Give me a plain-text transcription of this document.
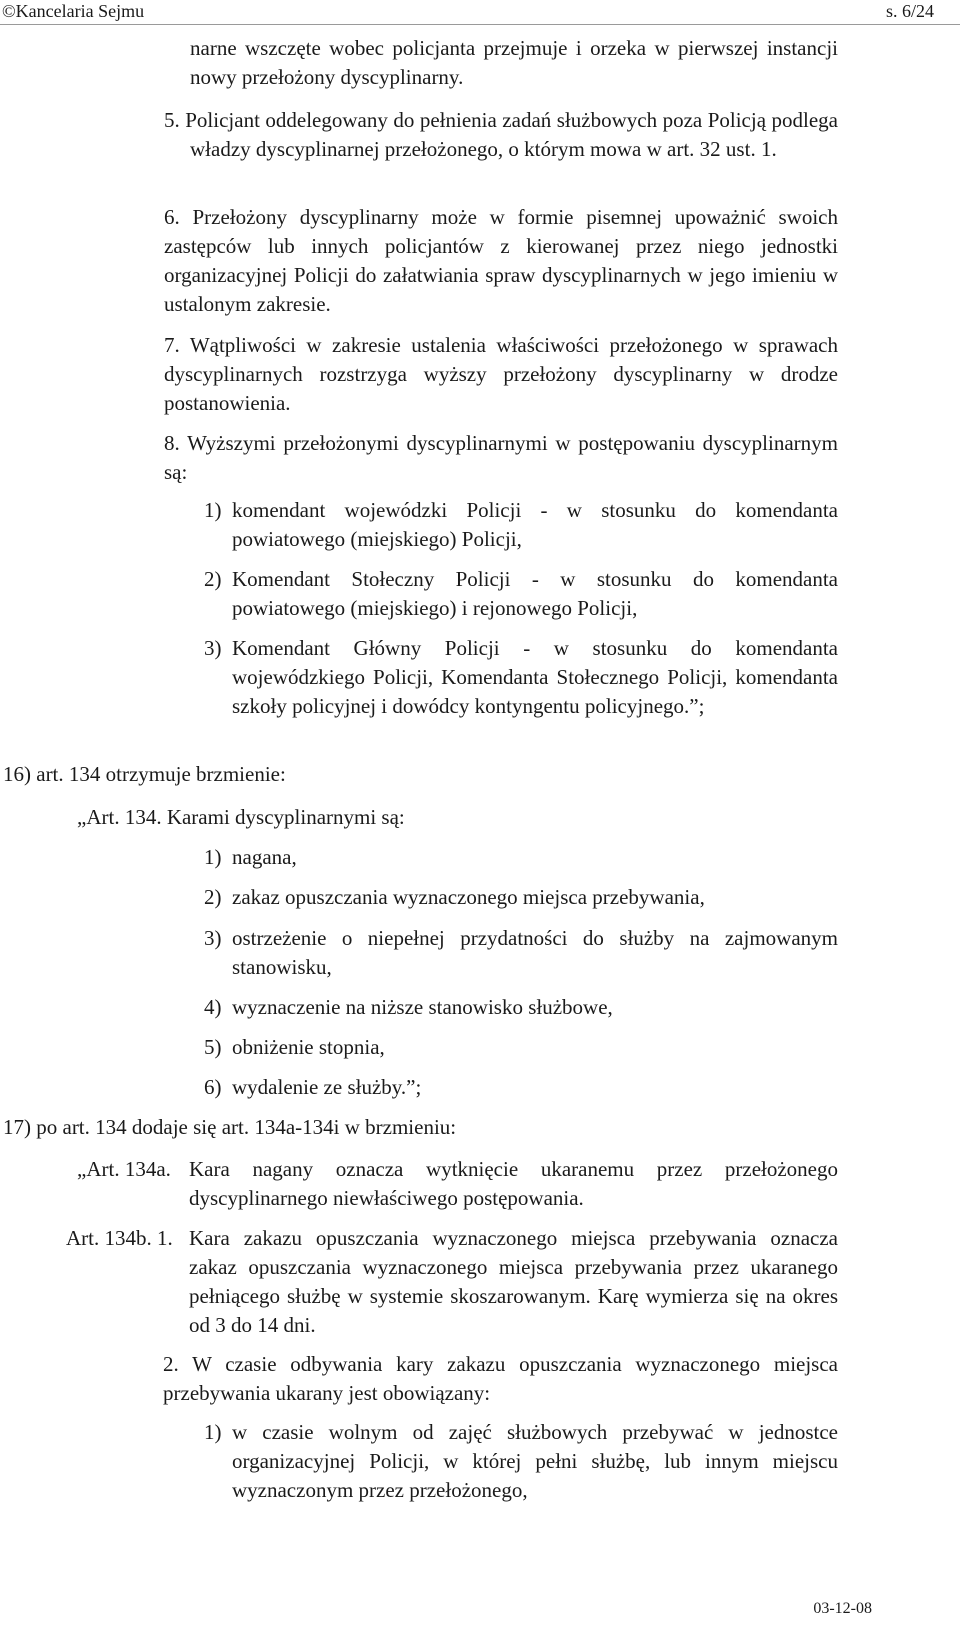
©Kancelaria Sejmu	s. 6/24

narne wszczęte wobec policjanta przejmuje i orzeka w pierwszej instancji nowy przełożony dyscyplinarny.

5. Policjant oddelegowany do pełnienia zadań służbowych poza Policją podlega władzy dyscyplinarnej przełożonego, o którym mowa w art. 32 ust. 1.

6. Przełożony dyscyplinarny może w formie pisemnej upoważnić swoich zastępców lub innych policjantów z kierowanej przez niego jednostki organizacyjnej Policji do załatwiania spraw dyscyplinarnych w jego imieniu w ustalonym zakresie.

7. Wątpliwości w zakresie ustalenia właściwości przełożonego w sprawach dyscyplinarnych rozstrzyga wyższy przełożony dyscyplinarny w drodze postanowienia.

8. Wyższymi przełożonymi dyscyplinarnymi w postępowaniu dyscyplinarnym są:

1) komendant wojewódzki Policji - w stosunku do komendanta powiatowego (miejskiego) Policji,

2) Komendant Stołeczny Policji - w stosunku do komendanta powiatowego (miejskiego) i rejonowego Policji,

3) Komendant Główny Policji - w stosunku do komendanta wojewódzkiego Policji, Komendanta Stołecznego Policji, komendanta szkoły policyjnej i dowódcy kontyngentu policyjnego.”;

16) art. 134 otrzymuje brzmienie:

„Art. 134. Karami dyscyplinarnymi są:

1) nagana,

2) zakaz opuszczania wyznaczonego miejsca przebywania,

3) ostrzeżenie o niepełnej przydatności do służby na zajmowanym stanowisku,

4) wyznaczenie na niższe stanowisko służbowe,

5) obniżenie stopnia,

6) wydalenie ze służby.”;

17) po art. 134 dodaje się art. 134a-134i w brzmieniu:

„Art. 134a. Kara nagany oznacza wytknięcie ukaranemu przez przełożonego dyscyplinarnego niewłaściwego postępowania.

Art. 134b. 1. Kara zakazu opuszczania wyznaczonego miejsca przebywania oznacza zakaz opuszczania wyznaczonego miejsca przebywania przez ukaranego pełniącego służbę w systemie skoszarowanym. Karę wymierza się na okres od 3 do 14 dni.

2. W czasie odbywania kary zakazu opuszczania wyznaczonego miejsca przebywania ukarany jest obowiązany:

1) w czasie wolnym od zajęć służbowych przebywać w jednostce organizacyjnej Policji, w której pełni służbę, lub innym miejscu wyznaczonym przez przełożonego,

03-12-08
